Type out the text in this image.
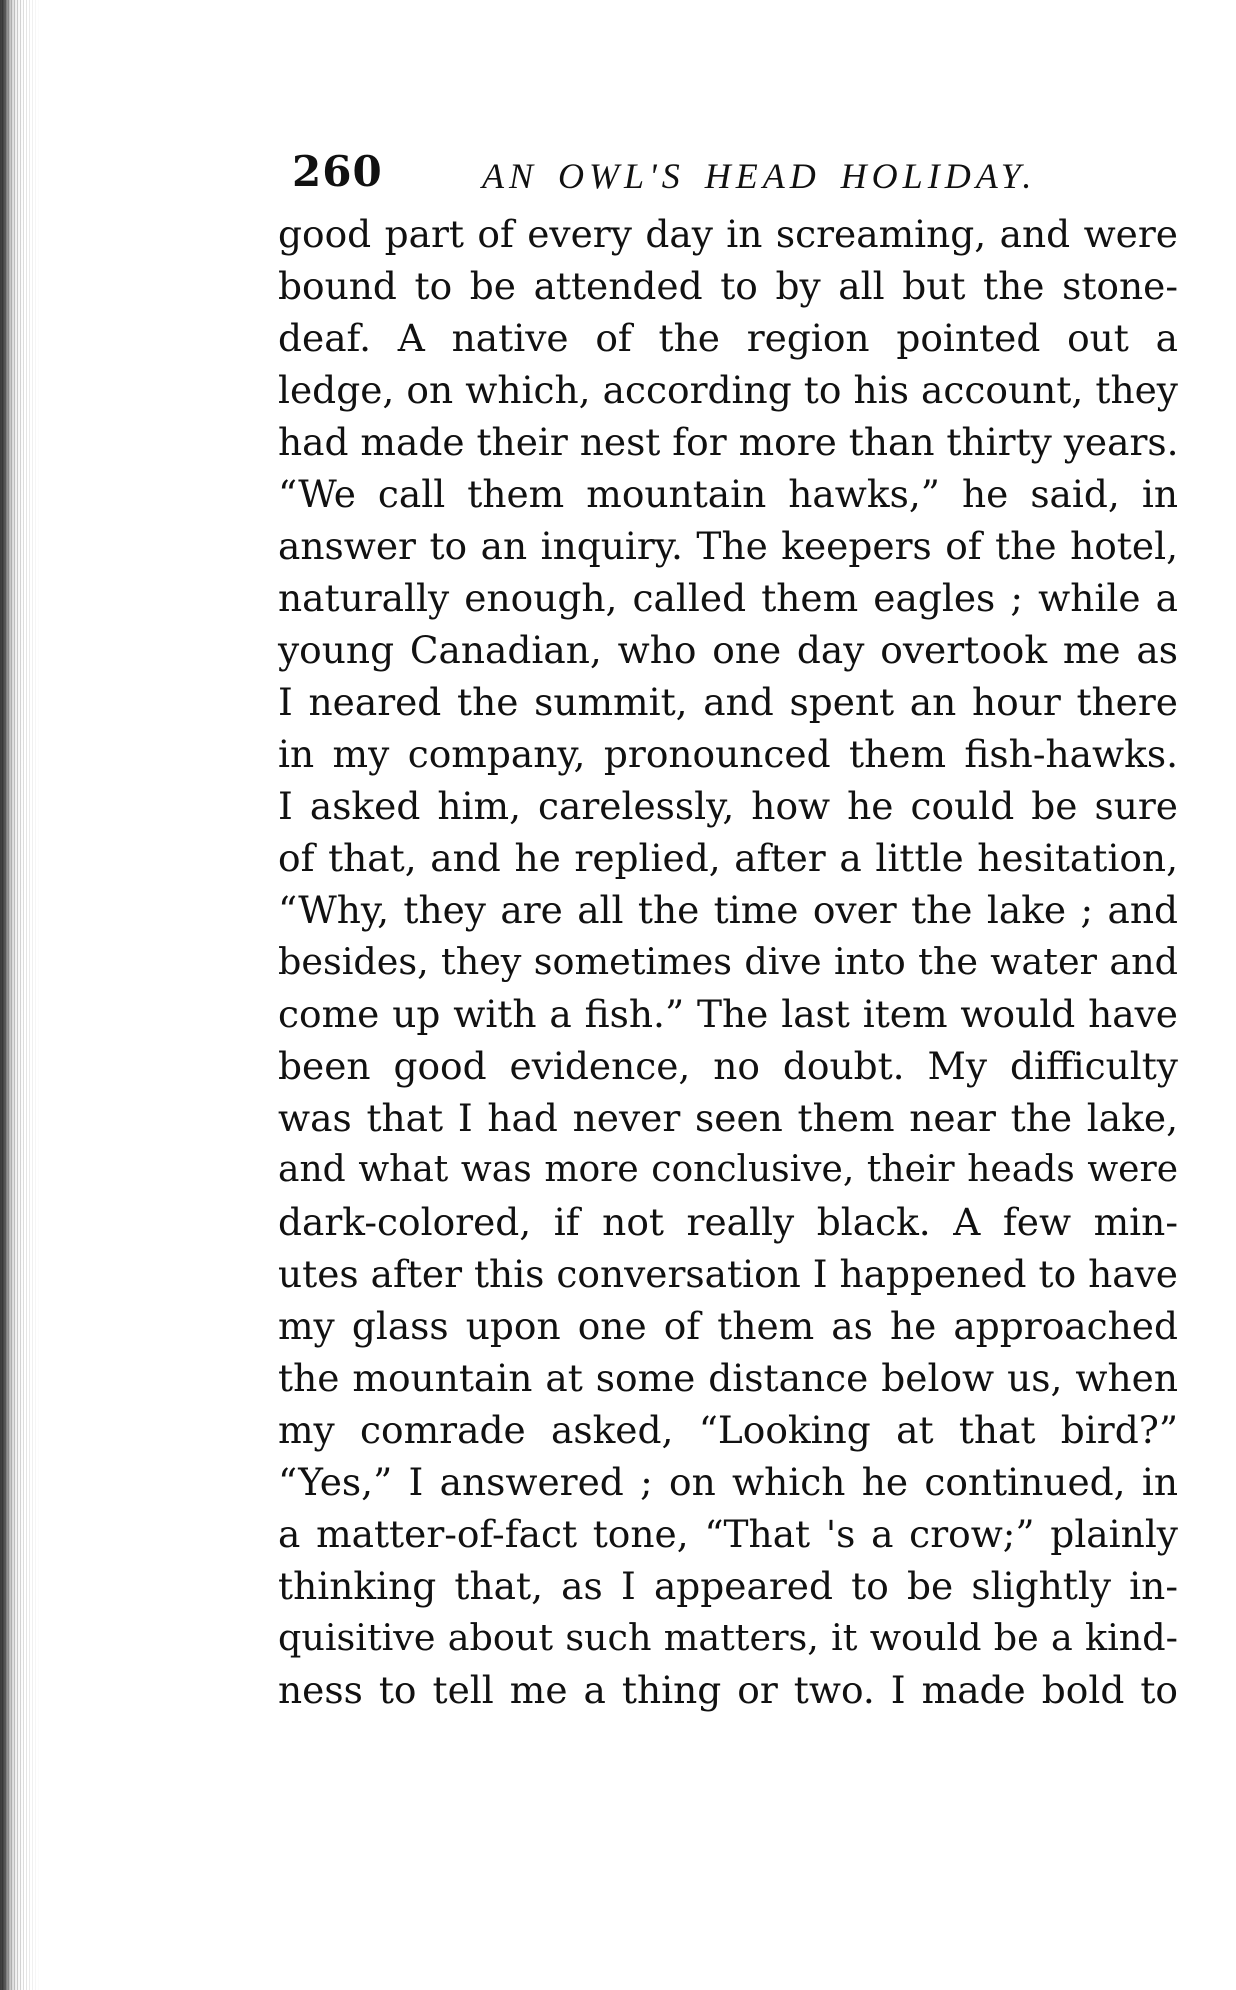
260	AN OWL'S HEAD HOLIDAY.
good part of every day in screaming, and were
bound to be attended to by all but the stone-
deaf. A native of the region pointed out a
ledge, on which, according to his account, they
had made their nest for more than thirty years.
“We call them mountain hawks,” he said, in
answer to an inquiry. The keepers of the hotel,
naturally enough, called them eagles ; while a
young Canadian, who one day overtook me as
I neared the summit, and spent an hour there
in my company, pronounced them fish-hawks.
I asked him, carelessly, how he could be sure
of that, and he replied, after a little hesitation,
“Why, they are all the time over the lake ; and
besides, they sometimes dive into the water and
come up with a fish.” The last item would have
been good evidence, no doubt. My difficulty
was that I had never seen them near the lake,
and what was more conclusive, their heads were
dark-colored, if not really black. A few min-
utes after this conversation I happened to have
my glass upon one of them as he approached
the mountain at some distance below us, when
my comrade asked, “Looking at that bird?”
“Yes,” I answered ; on which he continued, in
a matter-of-fact tone, “That 's a crow;” plainly
thinking that, as I appeared to be slightly in-
quisitive about such matters, it would be a kind-
ness to tell me a thing or two. I made bold to
